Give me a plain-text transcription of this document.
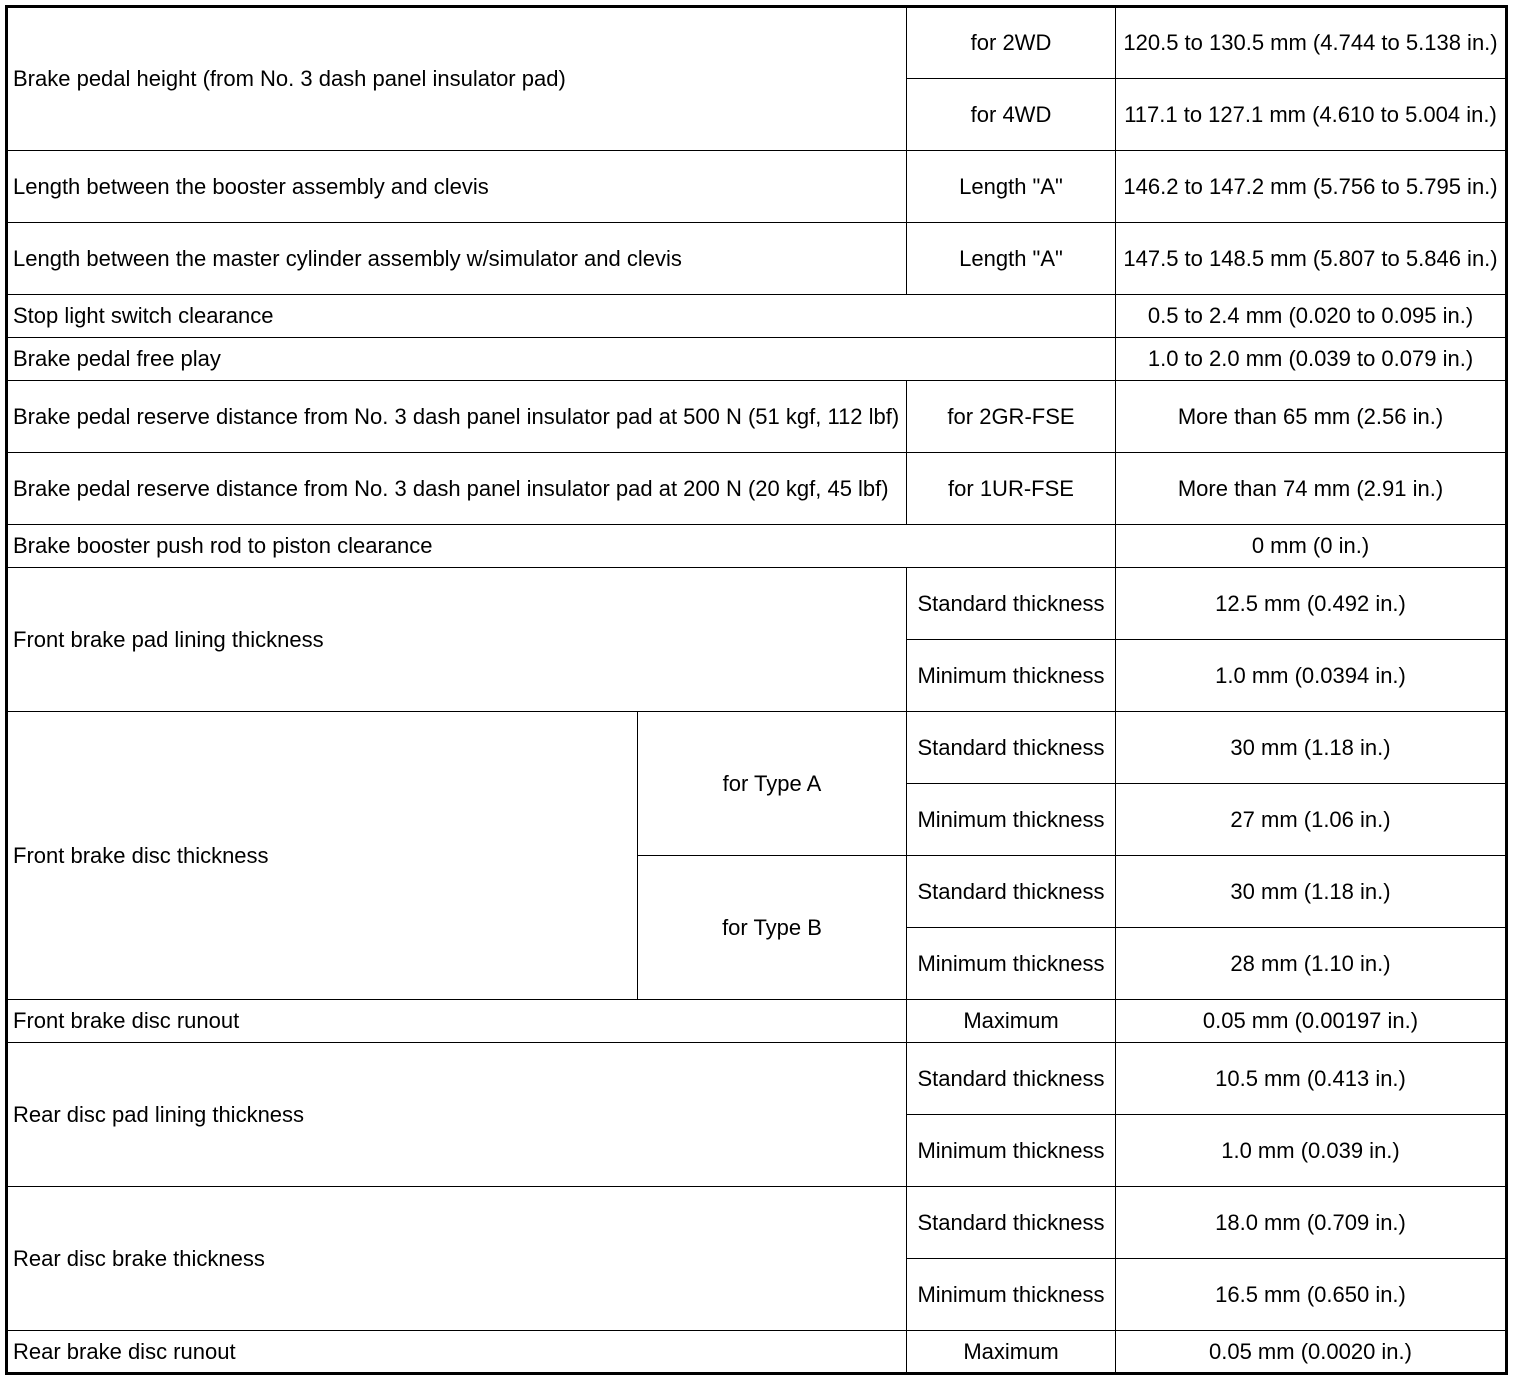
Brake pedal height (from No. 3 dash panel insulator pad)		for 2WD	120.5 to 130.5 mm (4.744 to 5.138 in.)
		for 4WD	117.1 to 127.1 mm (4.610 to 5.004 in.)
Length between the booster assembly and clevis		Length "A"	146.2 to 147.2 mm (5.756 to 5.795 in.)
Length between the master cylinder assembly w/simulator and clevis		Length "A"	147.5 to 148.5 mm (5.807 to 5.846 in.)
Stop light switch clearance			0.5 to 2.4 mm (0.020 to 0.095 in.)
Brake pedal free play			1.0 to 2.0 mm (0.039 to 0.079 in.)
Brake pedal reserve distance from No. 3 dash panel insulator pad at 500 N (51 kgf, 112 lbf)		for 2GR-FSE	More than 65 mm (2.56 in.)
Brake pedal reserve distance from No. 3 dash panel insulator pad at 200 N (20 kgf, 45 lbf)		for 1UR-FSE	More than 74 mm (2.91 in.)
Brake booster push rod to piston clearance			0 mm (0 in.)
Front brake pad lining thickness		Standard thickness	12.5 mm (0.492 in.)
		Minimum thickness	1.0 mm (0.0394 in.)
Front brake disc thickness	for Type A	Standard thickness	30 mm (1.18 in.)
		Minimum thickness	27 mm (1.06 in.)
	for Type B	Standard thickness	30 mm (1.18 in.)
		Minimum thickness	28 mm (1.10 in.)
Front brake disc runout		Maximum	0.05 mm (0.00197 in.)
Rear disc pad lining thickness		Standard thickness	10.5 mm (0.413 in.)
		Minimum thickness	1.0 mm (0.039 in.)
Rear disc brake thickness		Standard thickness	18.0 mm (0.709 in.)
		Minimum thickness	16.5 mm (0.650 in.)
Rear brake disc runout		Maximum	0.05 mm (0.0020 in.)
